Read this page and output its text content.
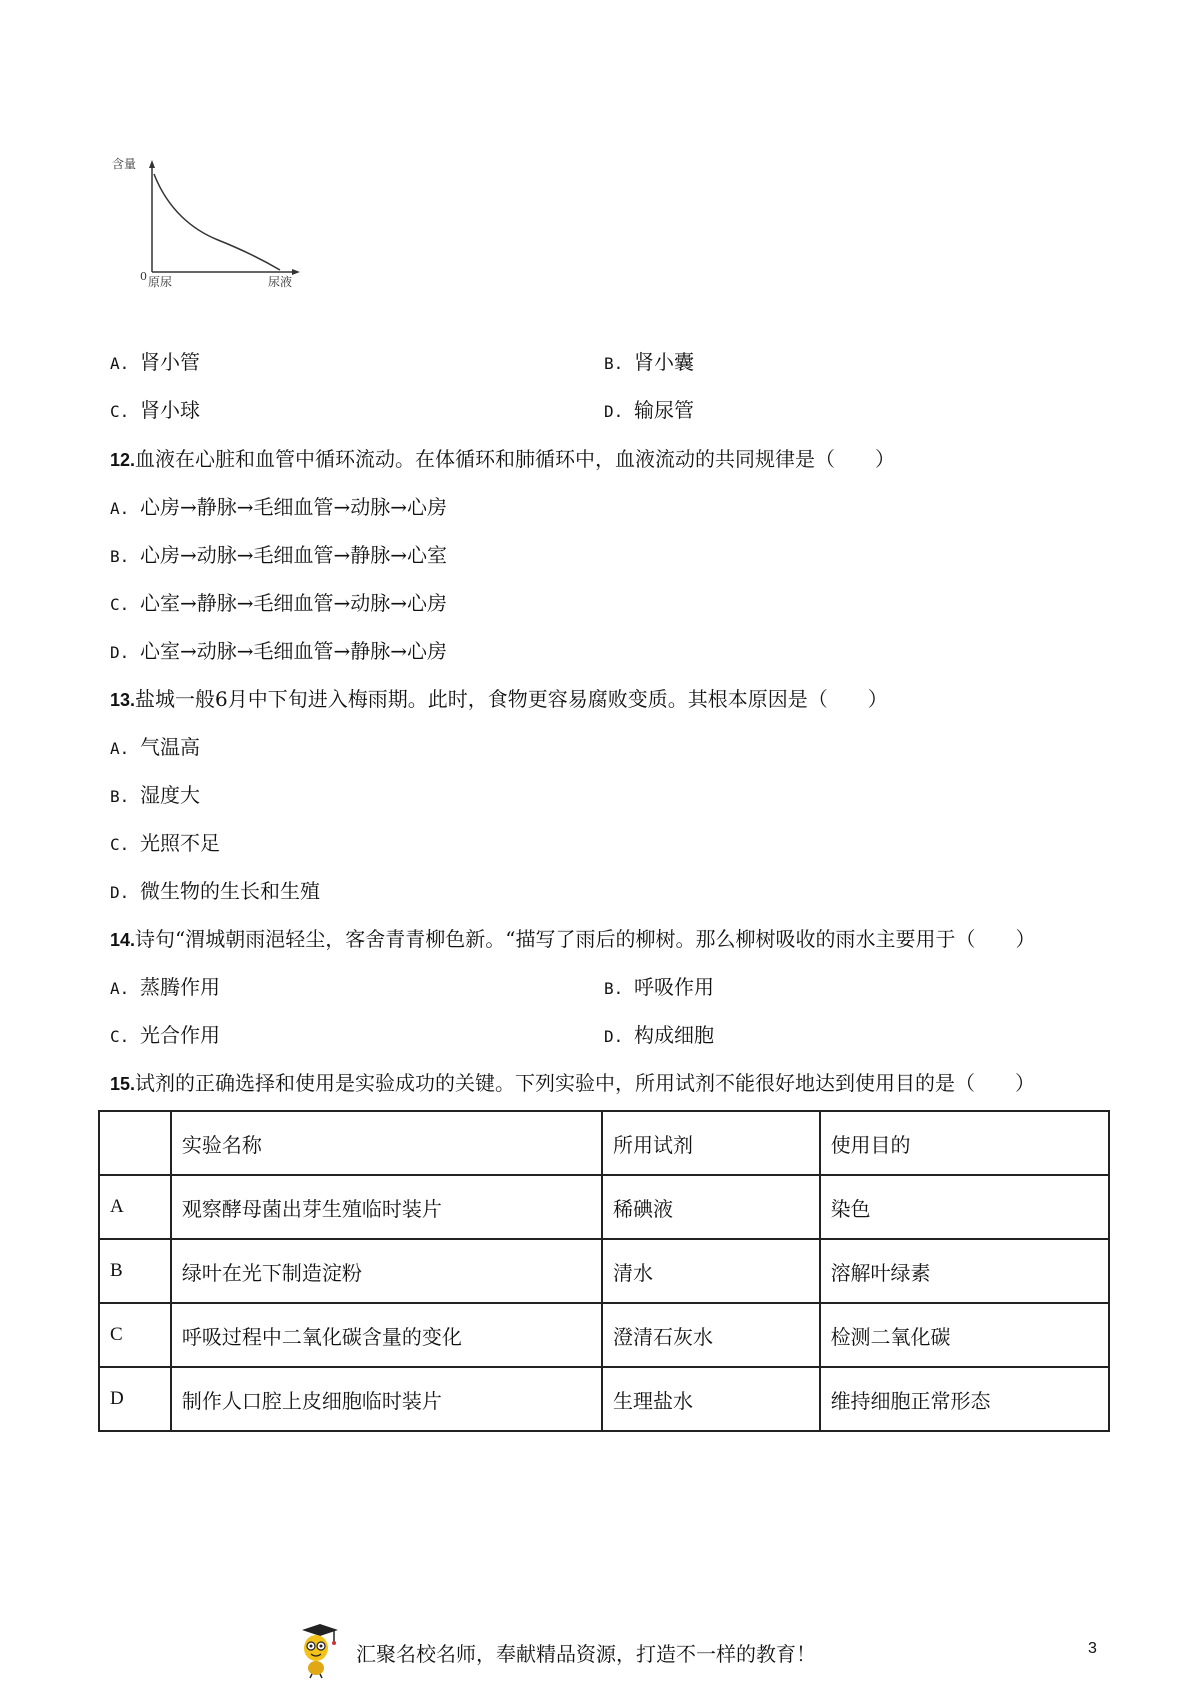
含量
0 原尿	尿液
A. 肾小管	B. 肾小囊
C. 肾小球	D. 输尿管
12.血液在心脏和血管中循环流动。在体循环和肺循环中，血液流动的共同规律是（　　）
A. 心房→静脉→毛细血管→动脉→心房
B. 心房→动脉→毛细血管→静脉→心室
C. 心室→静脉→毛细血管→动脉→心房
D. 心室→动脉→毛细血管→静脉→心房
13.盐城一般6月中下旬进入梅雨期。此时，食物更容易腐败变质。其根本原因是（　　）
A. 气温高
B. 湿度大
C. 光照不足
D. 微生物的生长和生殖
14.诗句“渭城朝雨浥轻尘，客舍青青柳色新。“描写了雨后的柳树。那么柳树吸收的雨水主要用于（　　）
A. 蒸腾作用	B. 呼吸作用
C. 光合作用	D. 构成细胞
15.试剂的正确选择和使用是实验成功的关键。下列实验中，所用试剂不能很好地达到使用目的是（　　）
	实验名称	所用试剂	使用目的
A	观察酵母菌出芽生殖临时装片	稀碘液	染色
B	绿叶在光下制造淀粉	清水	溶解叶绿素
C	呼吸过程中二氧化碳含量的变化	澄清石灰水	检测二氧化碳
D	制作人口腔上皮细胞临时装片	生理盐水	维持细胞正常形态
汇聚名校名师，奉献精品资源，打造不一样的教育！	3
